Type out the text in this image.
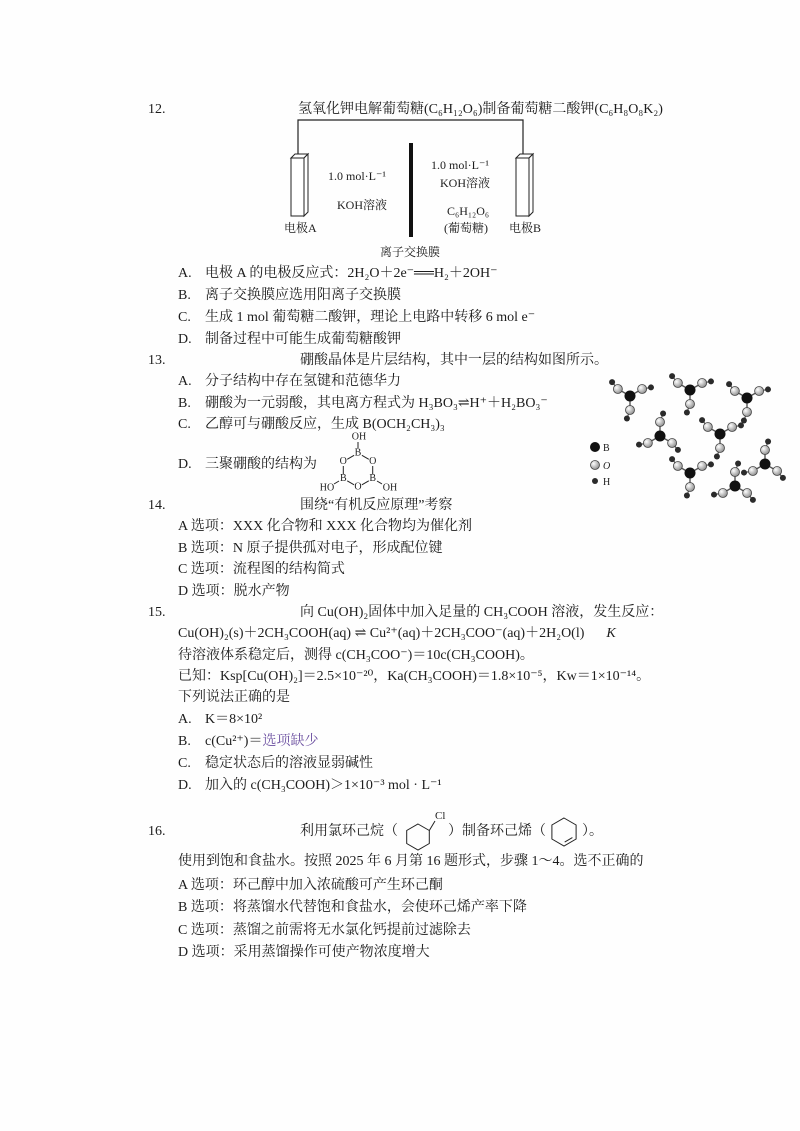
12.	氢氧化钾电解葡萄糖(C₆H₁₂O₆)制备葡萄糖二酸钾(C₆H₈O₈K₂)
1.0 mol·L⁻¹
KOH溶液
1.0 mol·L⁻¹
KOH溶液
C₆H₁₂O₆
(葡萄糖)
电极A	电极B
离子交换膜
A. 电极 A 的电极反应式：2H₂O＋2e⁻══H₂＋2OH⁻
B. 离子交换膜应选用阳离子交换膜
C. 生成 1 mol 葡萄糖二酸钾，理论上电路中转移 6 mol e⁻
D. 制备过程中可能生成葡萄糖酸钾
13.	硼酸晶体是片层结构，其中一层的结构如图所示。
A. 分子结构中存在氢键和范德华力
B. 硼酸为一元弱酸，其电离方程式为 H₃BO₃⇌H⁺＋H₂BO₃⁻
C. 乙醇可与硼酸反应，生成 B(OCH₂CH₃)₃
D. 三聚硼酸的结构为
OH
B
O O
B B
HO O OH
B
O
H
14.	围绕“有机反应原理”考察
A 选项：XXX 化合物和 XXX 化合物均为催化剂
B 选项：N 原子提供孤对电子，形成配位键
C 选项：流程图的结构简式
D 选项：脱水产物
15.	向 Cu(OH)₂固体中加入足量的 CH₃COOH 溶液，发生反应：
Cu(OH)₂(s)＋2CH₃COOH(aq) ⇌ Cu²⁺(aq)＋2CH₃COO⁻(aq)＋2H₂O(l) K
待溶液体系稳定后，测得 c(CH₃COO⁻)＝10c(CH₃COOH)。
已知：Ksp[Cu(OH)₂]＝2.5×10⁻²⁰，Ka(CH₃COOH)＝1.8×10⁻⁵，Kw＝1×10⁻¹⁴。
下列说法正确的是
A. K＝8×10²
B. c(Cu²⁺)＝选项缺少
C. 稳定状态后的溶液显弱碱性
D. 加入的 c(CH₃COOH)＞1×10⁻³ mol · L⁻¹
16.	利用氯环己烷（
Cl
）制备环己烯（	）。
使用到饱和食盐水。按照 2025 年 6 月第 16 题形式，步骤 1～4。选不正确的
A 选项：环己醇中加入浓硫酸可产生环己酮
B 选项：将蒸馏水代替饱和食盐水，会使环己烯产率下降
C 选项：蒸馏之前需将无水氯化钙提前过滤除去
D 选项：采用蒸馏操作可使产物浓度增大
